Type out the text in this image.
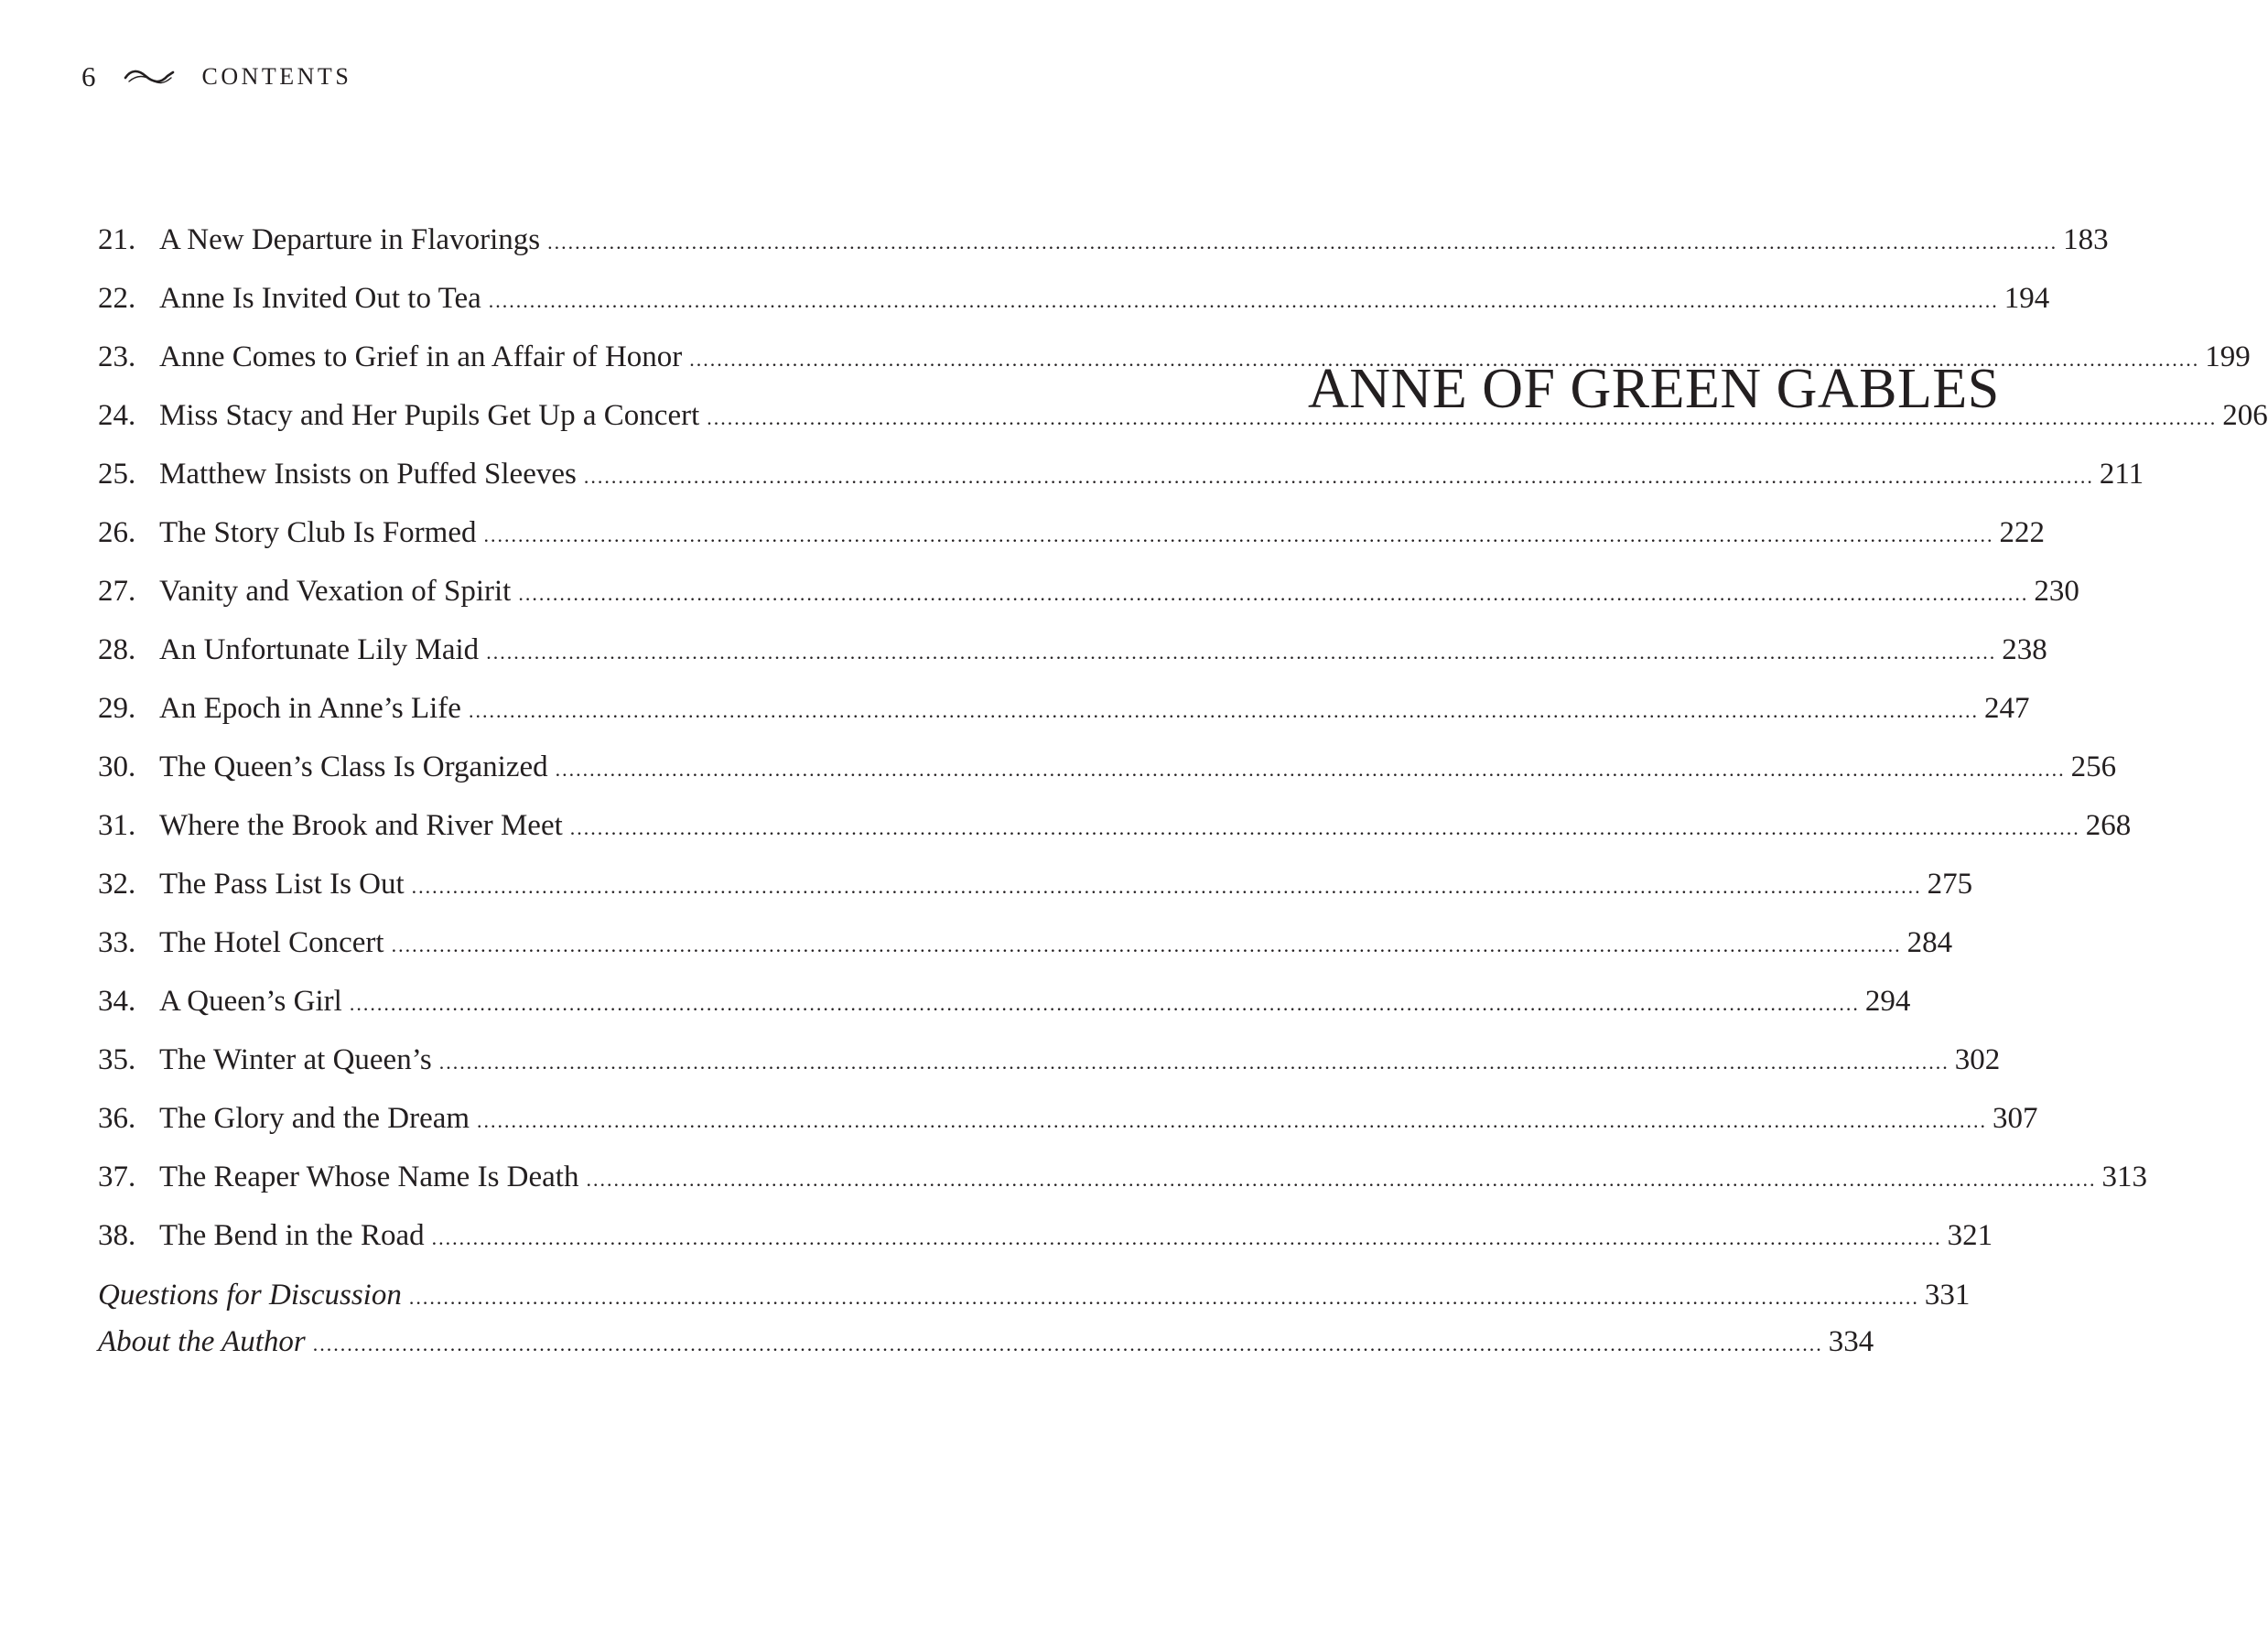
6	CONTENTS
21. A New Departure in Flavorings ............................................................................................................................................................................................................................ 183
22. Anne Is Invited Out to Tea ............................................................................................................................................................................................................................ 194
23. Anne Comes to Grief in an Affair of Honor ............................................................................................................................................................................................................................ 199
24. Miss Stacy and Her Pupils Get Up a Concert ............................................................................................................................................................................................................................ 206
25. Matthew Insists on Puffed Sleeves ............................................................................................................................................................................................................................ 211
26. The Story Club Is Formed ............................................................................................................................................................................................................................ 222
27. Vanity and Vexation of Spirit ............................................................................................................................................................................................................................ 230
28. An Unfortunate Lily Maid ............................................................................................................................................................................................................................ 238
29. An Epoch in Anne’s Life ............................................................................................................................................................................................................................ 247
30. The Queen’s Class Is Organized ............................................................................................................................................................................................................................ 256
31. Where the Brook and River Meet ............................................................................................................................................................................................................................ 268
32. The Pass List Is Out ............................................................................................................................................................................................................................ 275
33. The Hotel Concert ............................................................................................................................................................................................................................ 284
34. A Queen’s Girl ............................................................................................................................................................................................................................ 294
35. The Winter at Queen’s ............................................................................................................................................................................................................................ 302
36. The Glory and the Dream ............................................................................................................................................................................................................................ 307
37. The Reaper Whose Name Is Death ............................................................................................................................................................................................................................ 313
38. The Bend in the Road ............................................................................................................................................................................................................................ 321
Questions for Discussion ............................................................................................................................................................................................................................ 331
About the Author ............................................................................................................................................................................................................................ 334
ANNE OF GREEN GABLES
